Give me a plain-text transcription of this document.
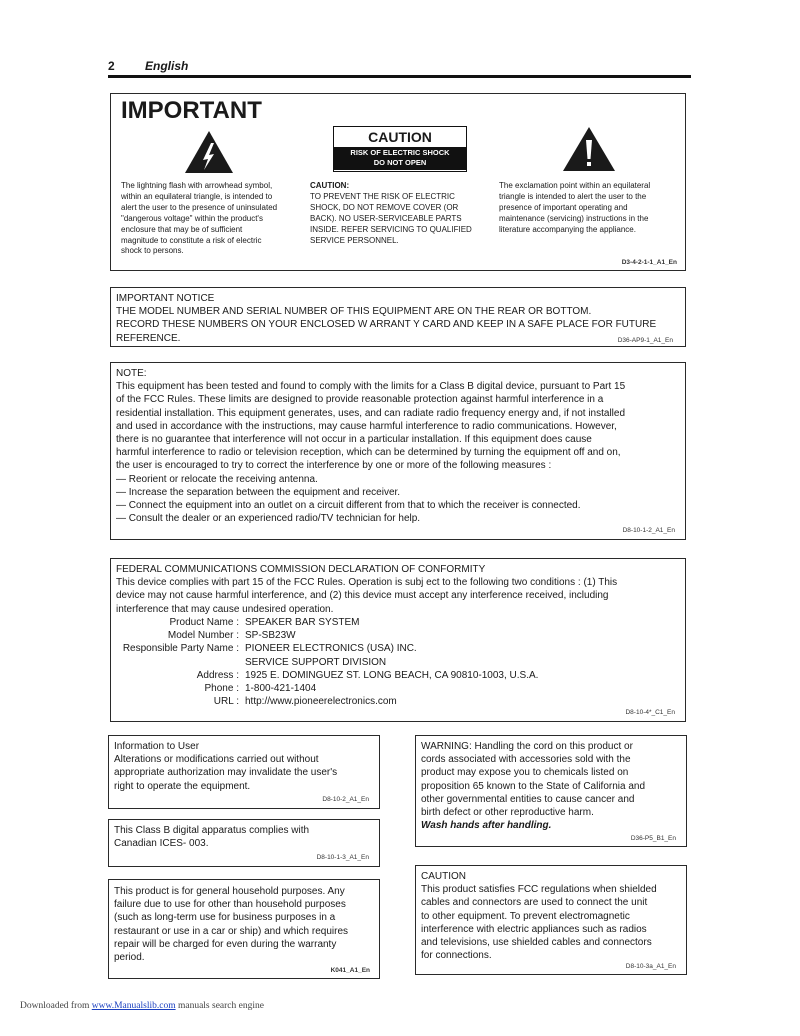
2	English
IMPORTANT
CAUTION
RISK OF ELECTRIC SHOCK
DO NOT OPEN
The lightning flash with arrowhead symbol,
within an equilateral triangle, is intended to
alert the user to the presence of uninsulated
"dangerous voltage" within the product's
enclosure that may be of sufficient
magnitude to constitute a risk of electric
shock to persons.
CAUTION:
TO PREVENT THE RISK OF ELECTRIC
SHOCK, DO NOT REMOVE COVER (OR
BACK). NO USER-SERVICEABLE PARTS
INSIDE. REFER SERVICING TO QUALIFIED
SERVICE PERSONNEL.
The exclamation point within an equilateral
triangle is intended to alert the user to the
presence of important operating and
maintenance (servicing) instructions in the
literature accompanying the appliance.
D3-4-2-1-1_A1_En
IMPORTANT NOTICE
THE MODEL NUMBER AND SERIAL NUMBER OF THIS EQUIPMENT ARE ON THE REAR OR BOTTOM.
RECORD THESE NUMBERS ON YOUR ENCLOSED W ARRANT Y CARD AND KEEP IN A SAFE PLACE FOR FUTURE
REFERENCE.	D36-AP9-1_A1_En
NOTE:
This equipment has been tested and found to comply with the limits for a Class B digital device, pursuant to Part 15
of the FCC Rules. These limits are designed to provide reasonable protection against harmful interference in a
residential installation. This equipment generates, uses, and can radiate radio frequency energy and, if not installed
and used in accordance with the instructions, may cause harmful interference to radio communications. However,
there is no guarantee that interference will not occur in a particular installation. If this equipment does cause
harmful interference to radio or television reception, which can be determined by turning the equipment off and on,
the user is encouraged to try to correct the interference by one or more of the following measures :
— Reorient or relocate the receiving antenna.
— Increase the separation between the equipment and receiver.
— Connect the equipment into an outlet on a circuit different from that to which the receiver is connected.
— Consult the dealer or an experienced radio/TV technician for help.
D8-10-1-2_A1_En
FEDERAL COMMUNICATIONS COMMISSION DECLARATION OF CONFORMITY
This device complies with part 15 of the FCC Rules. Operation is subj ect to the following two conditions : (1) This
device may not cause harmful interference, and (2) this device must accept any interference received, including
interference that may cause undesired operation.
Product Name : SPEAKER BAR SYSTEM
Model Number : SP-SB23W
Responsible Party Name : PIONEER ELECTRONICS (USA) INC.
SERVICE SUPPORT DIVISION
Address : 1925 E. DOMINGUEZ ST. LONG BEACH, CA 90810-1003, U.S.A.
Phone : 1-800-421-1404
URL : http://www.pioneerelectronics.com
D8-10-4*_C1_En
Information to User
Alterations or modifications carried out without
appropriate authorization may invalidate the user's
right to operate the equipment.
D8-10-2_A1_En
This Class B digital apparatus complies with
Canadian ICES- 003.
D8-10-1-3_A1_En
This product is for general household purposes. Any
failure due to use for other than household purposes
(such as long-term use for business purposes in a
restaurant or use in a car or ship) and which requires
repair will be charged for even during the warranty
period.
K041_A1_En
WARNING: Handling the cord on this product or
cords associated with accessories sold with the
product may expose you to chemicals listed on
proposition 65 known to the State of California and
other governmental entities to cause cancer and
birth defect or other reproductive harm.
Wash hands after handling.
D36-P5_B1_En
CAUTION
This product satisfies FCC regulations when shielded
cables and connectors are used to connect the unit
to other equipment. To prevent electromagnetic
interference with electric appliances such as radios
and televisions, use shielded cables and connectors
for connections.
D8-10-3a_A1_En
Downloaded from www.Manualslib.com manuals search engine
